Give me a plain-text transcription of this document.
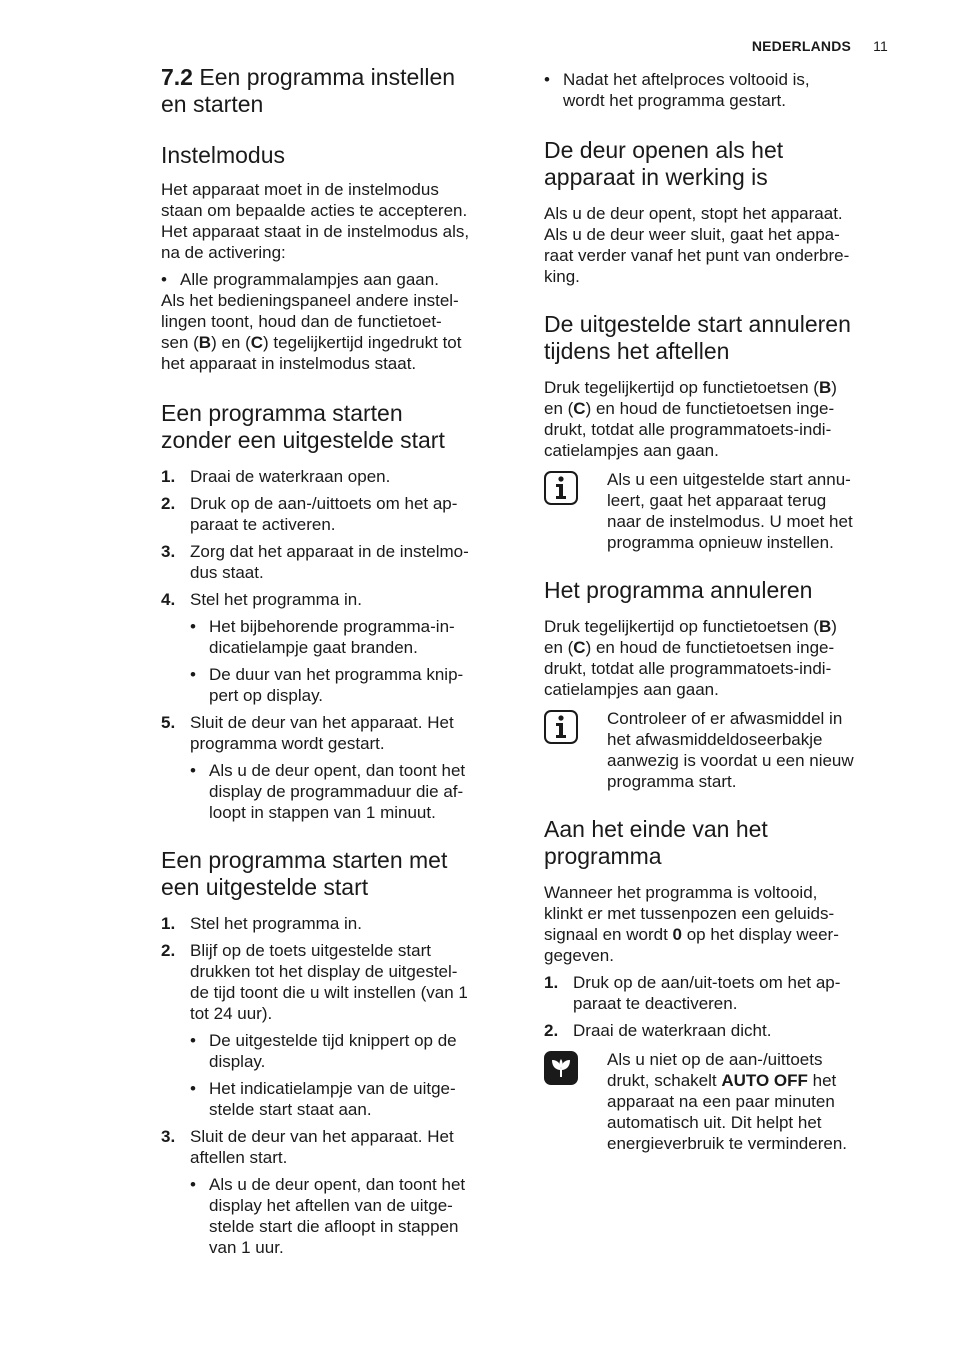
NEDERLANDS 11
7.2 Een programma instellen
en starten
Instelmodus

Het apparaat moet in de instelmodus
staan om bepaalde acties te accepteren.
Het apparaat staat in de instelmodus als,
na de activering:

• Alle programmalampjes aan gaan.

Als het bedieningspaneel andere instel-
lingen toont, houd dan de functietoet-
sen (B) en (C) tegelijkertijd ingedrukt tot
het apparaat in instelmodus staat.

Een programma starten
zonder een uitgestelde start
1. Draai de waterkraan open.
2. Druk op de aan-/uittoets om het ap-
paraat te activeren.
3. Zorg dat het apparaat in de instelmo-
dus staat.
4. Stel het programma in.
• Het bijbehorende programma-in-
dicatielampje gaat branden.
• De duur van het programma knip-
pert op display.
5. Sluit de deur van het apparaat. Het
programma wordt gestart.
• Als u de deur opent, dan toont het
display de programmaduur die af-
loopt in stappen van 1 minuut.
Een programma starten met
een uitgestelde start
1. Stel het programma in.
2. Blijf op de toets uitgestelde start
drukken tot het display de uitgestel-
de tijd toont die u wilt instellen (van 1
tot 24 uur).
• De uitgestelde tijd knippert op de
display.
• Het indicatielampje van de uitge-
stelde start staat aan.
3. Sluit de deur van het apparaat. Het
aftellen start.
• Als u de deur opent, dan toont het
display het aftellen van de uitge-
stelde start die afloopt in stappen
van 1 uur.
• Nadat het aftelproces voltooid is,
wordt het programma gestart.
De deur openen als het
apparaat in werking is

Als u de deur opent, stopt het apparaat.
Als u de deur weer sluit, gaat het appa-
raat verder vanaf het punt van onderbre-
king.

De uitgestelde start annuleren
tijdens het aftellen

Druk tegelijkertijd op functietoetsen (B)
en (C) en houd de functietoetsen inge-
drukt, totdat alle programmatoets-indi-
catielampjes aan gaan.

Als u een uitgestelde start annu-
leert, gaat het apparaat terug
naar de instelmodus. U moet het
programma opnieuw instellen.
Het programma annuleren

Druk tegelijkertijd op functietoetsen (B)
en (C) en houd de functietoetsen inge-
drukt, totdat alle programmatoets-indi-
catielampjes aan gaan.

Controleer of er afwasmiddel in
het afwasmiddeldoseerbakje
aanwezig is voordat u een nieuw
programma start.
Aan het einde van het
programma

Wanneer het programma is voltooid,
klinkt er met tussenpozen een geluids-
signaal en wordt 0 op het display weer-
gegeven.

1. Druk op de aan/uit-toets om het ap-
paraat te deactiveren.
2. Draai de waterkraan dicht.
Als u niet op de aan-/uittoets
drukt, schakelt AUTO OFF het
apparaat na een paar minuten
automatisch uit. Dit helpt het
energieverbruik te verminderen.
